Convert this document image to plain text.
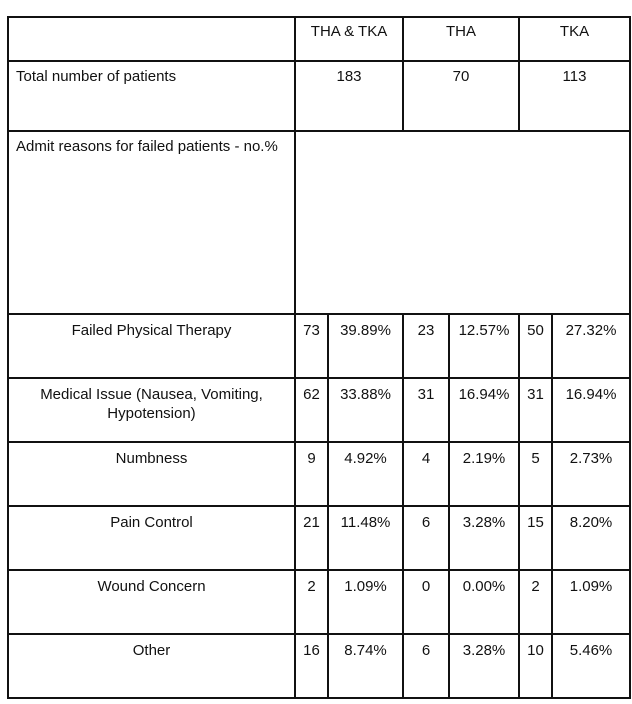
	THA & TKA		THA		TKA	
Total number of patients	183		70		113	
Admit reasons for failed patients - no.%						
Failed Physical Therapy	73	39.89%	23	12.57%	50	27.32%
Medical Issue (Nausea, Vomiting, Hypotension)	62	33.88%	31	16.94%	31	16.94%
Numbness	9	4.92%	4	2.19%	5	2.73%
Pain Control	21	11.48%	6	3.28%	15	8.20%
Wound Concern	2	1.09%	0	0.00%	2	1.09%
Other	16	8.74%	6	3.28%	10	5.46%
